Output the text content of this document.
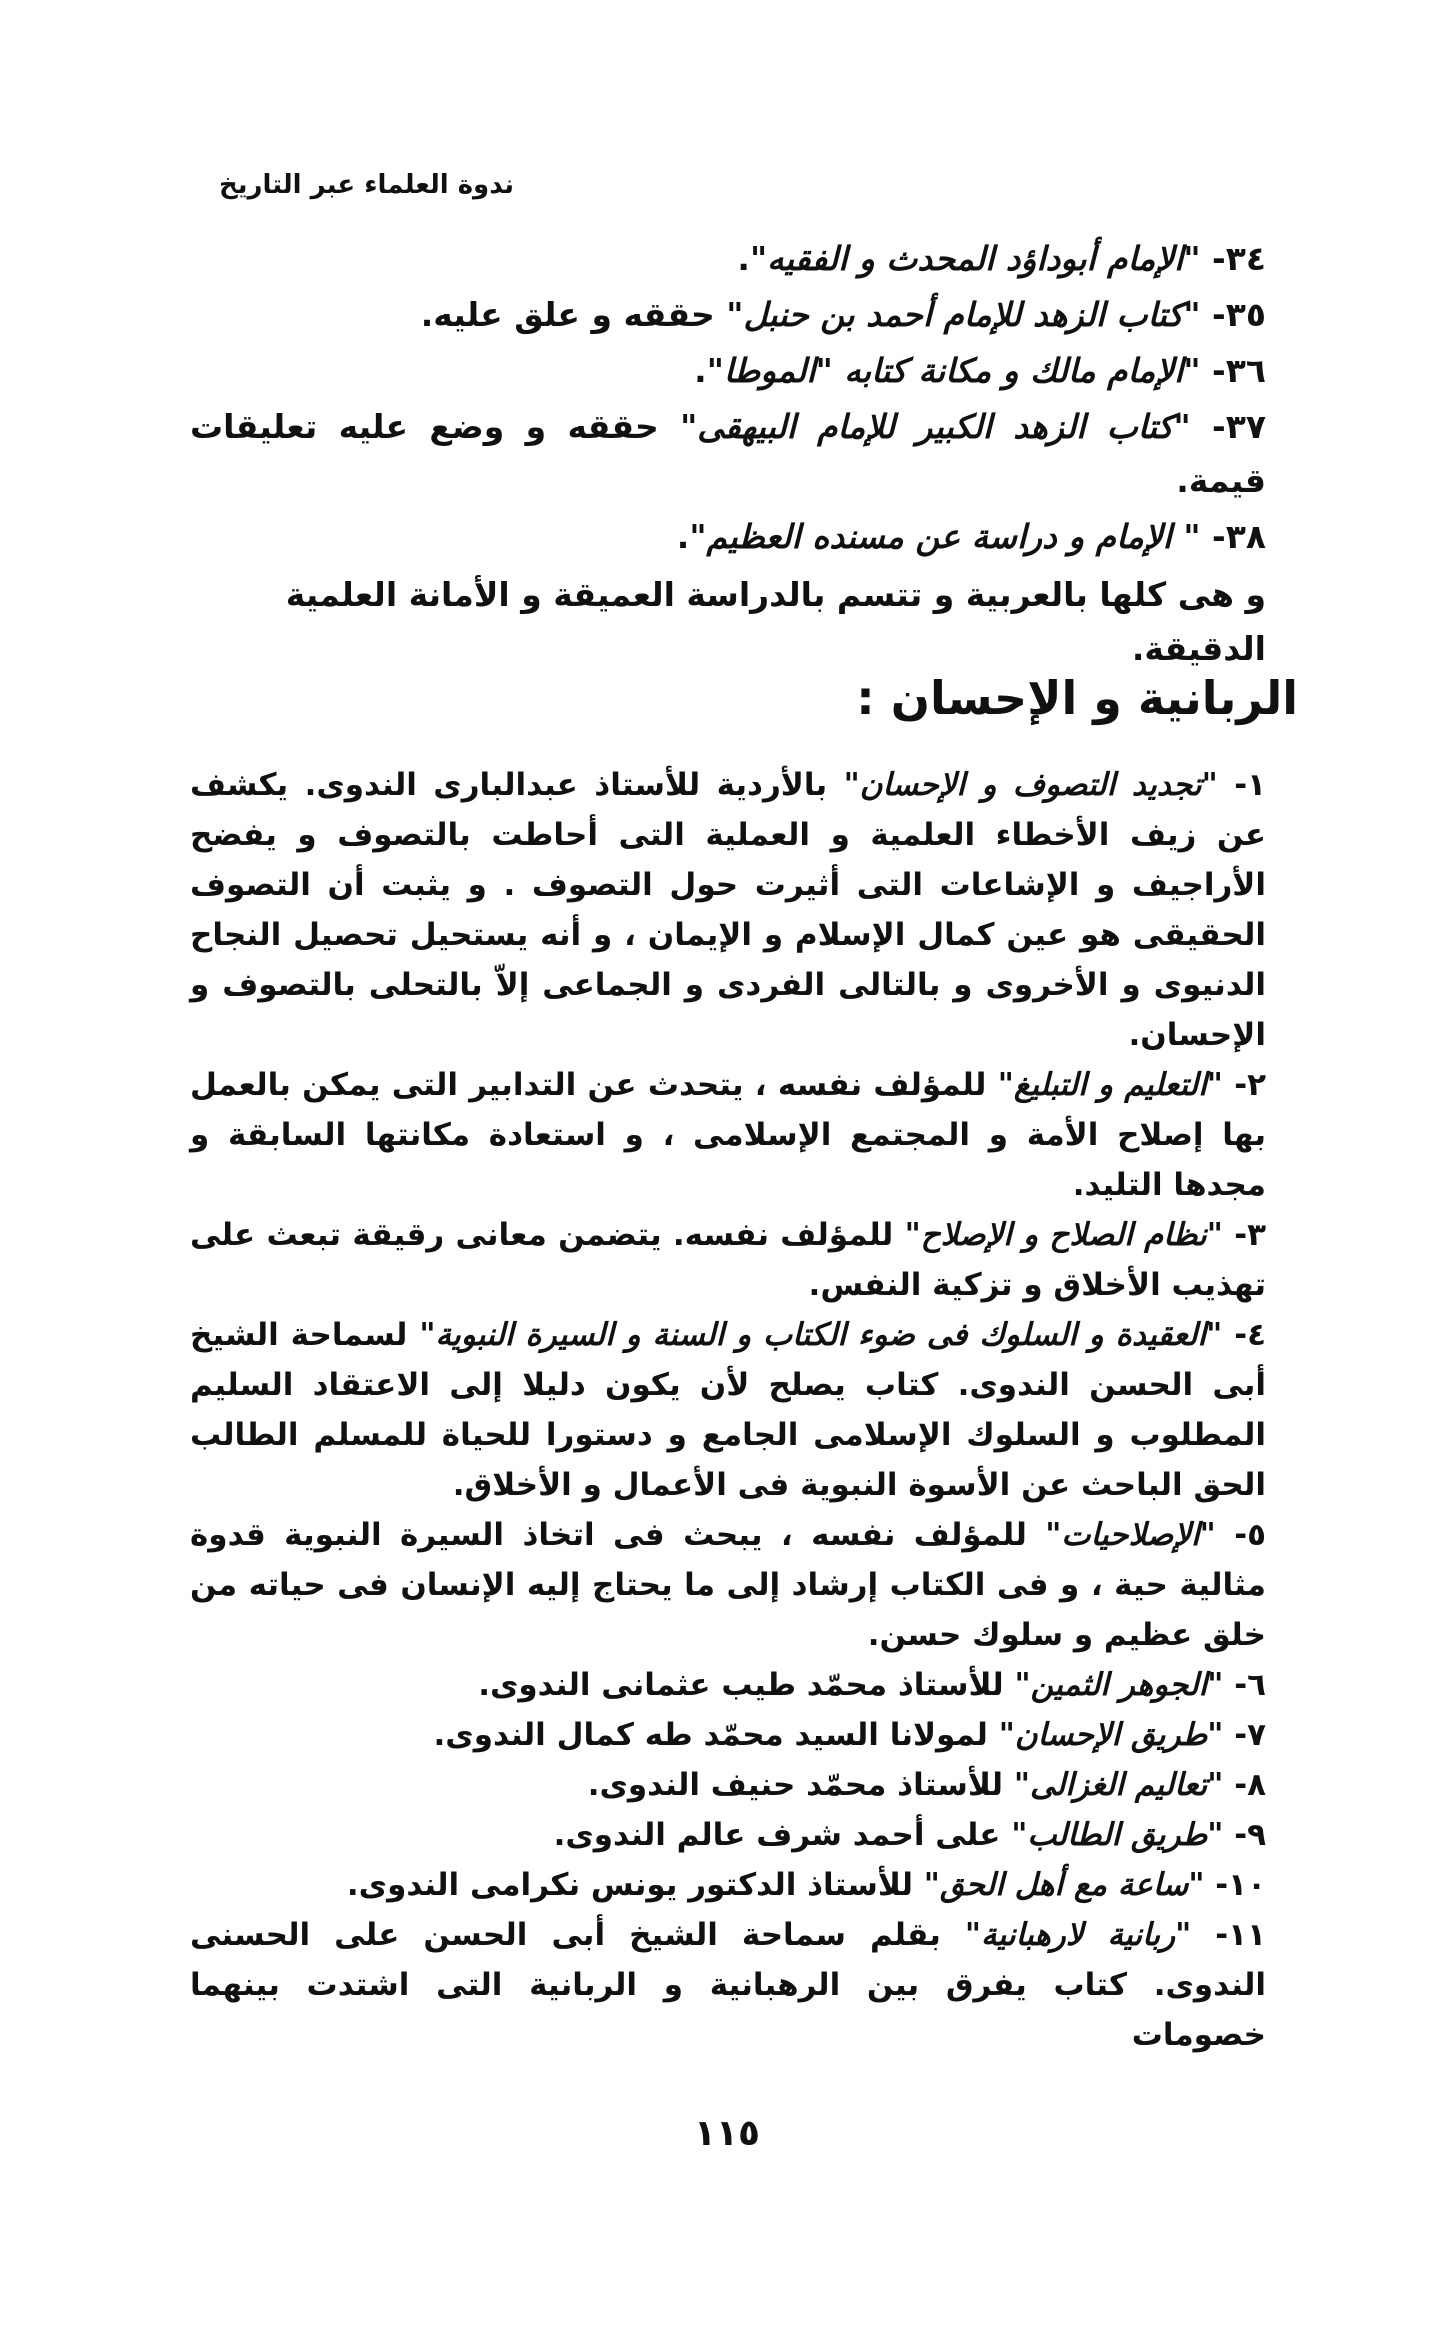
ندوة العلماء عبر التاريخ

٣٤- "الإمام أبوداؤد المحدث و الفقيه".

٣٥- "كتاب الزهد للإمام أحمد بن حنبل" حققه و علق عليه.

٣٦- "الإمام مالك و مكانة كتابه "الموطا".

٣٧- "كتاب الزهد الكبير للإمام البيهقى" حققه و وضع عليه تعليقات قيمة.

٣٨- " الإمام و دراسة عن مسنده العظيم".

و هى كلها بالعربية و تتسم بالدراسة العميقة و الأمانة العلمية الدقيقة.

الربانية و الإحسان :

١- "تجديد التصوف و الإحسان" بالأردية للأستاذ عبدالبارى الندوى. يكشف عن زيف الأخطاء العلمية و العملية التى أحاطت بالتصوف و يفضح الأراجيف و الإشاعات التى أثيرت حول التصوف . و يثبت أن التصوف الحقيقى هو عين كمال الإسلام و الإيمان ، و أنه يستحيل تحصيل النجاح الدنيوى و الأخروى و بالتالى الفردى و الجماعى إلاّ بالتحلى بالتصوف و الإحسان.

٢- "التعليم و التبليغ" للمؤلف نفسه ، يتحدث عن التدابير التى يمكن بالعمل بها إصلاح الأمة و المجتمع الإسلامى ، و استعادة مكانتها السابقة و مجدها التليد.

٣- "نظام الصلاح و الإصلاح" للمؤلف نفسه. يتضمن معانى رقيقة تبعث على تهذيب الأخلاق و تزكية النفس.

٤- "العقيدة و السلوك فى ضوء الكتاب و السنة و السيرة النبوية" لسماحة الشيخ أبى الحسن الندوى. كتاب يصلح لأن يكون دليلا إلى الاعتقاد السليم المطلوب و السلوك الإسلامى الجامع و دستورا للحياة للمسلم الطالب الحق الباحث عن الأسوة النبوية فى الأعمال و الأخلاق.

٥- "الإصلاحيات" للمؤلف نفسه ، يبحث فى اتخاذ السيرة النبوية قدوة مثالية حية ، و فى الكتاب إرشاد إلى ما يحتاج إليه الإنسان فى حياته من خلق عظيم و سلوك حسن.

٦- "الجوهر الثمين" للأستاذ محمّد طيب عثمانى الندوى.

٧- "طريق الإحسان" لمولانا السيد محمّد طه كمال الندوى.

٨- "تعاليم الغزالى" للأستاذ محمّد حنيف الندوى.

٩- "طريق الطالب" على أحمد شرف عالم الندوى.

١٠- "ساعة مع أهل الحق" للأستاذ الدكتور يونس نكرامى الندوى.

١١- "ربانية لارهبانية" بقلم سماحة الشيخ أبى الحسن على الحسنى الندوى. كتاب يفرق بين الرهبانية و الربانية التى اشتدت بينهما خصومات

١١٥
